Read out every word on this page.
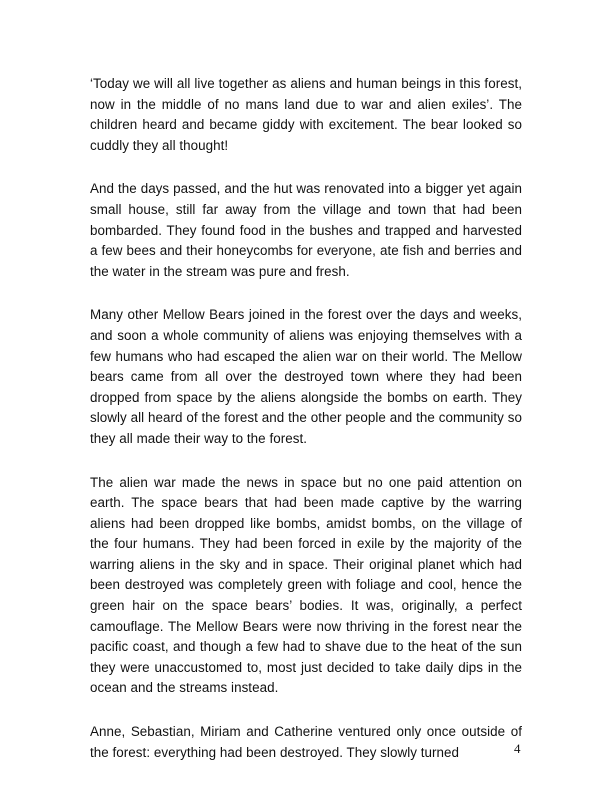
‘Today we will all live together as aliens and human beings in this forest, now in the middle of no mans land due to war and alien exiles’. The children heard and became giddy with excitement. The bear looked so cuddly they all thought!

And the days passed, and the hut was renovated into a bigger yet again small house, still far away from the village and town that had been bombarded. They found food in the bushes and trapped and harvested a few bees and their honeycombs for everyone, ate fish and berries and the water in the stream was pure and fresh.

Many other Mellow Bears joined in the forest over the days and weeks, and soon a whole community of aliens was enjoying themselves with a few humans who had escaped the alien war on their world. The Mellow bears came from all over the destroyed town where they had been dropped from space by the aliens alongside the bombs on earth. They slowly all heard of the forest and the other people and the community so they all made their way to the forest.

The alien war made the news in space but no one paid attention on earth. The space bears that had been made captive by the warring aliens had been dropped like bombs, amidst bombs, on the village of the four humans. They had been forced in exile by the majority of the warring aliens in the sky and in space. Their original planet which had been destroyed was completely green with foliage and cool, hence the green hair on the space bears’ bodies. It was, originally, a perfect camouflage. The Mellow Bears were now thriving in the forest near the pacific coast, and though a few had to shave due to the heat of the sun they were unaccustomed to, most just decided to take daily dips in the ocean and the streams instead.

Anne, Sebastian, Miriam and Catherine ventured only once outside of the forest: everything had been destroyed. They slowly turned	4
